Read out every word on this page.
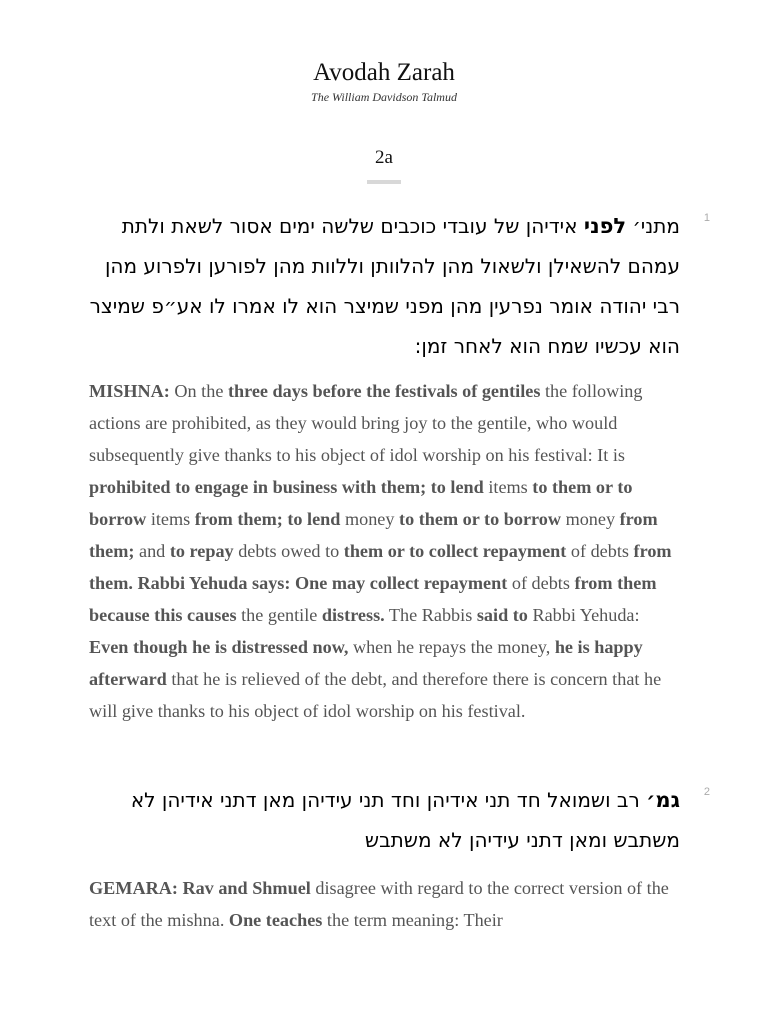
Avodah Zarah
The William Davidson Talmud
2a
1
מתני׳ לפני אידיהן של עובדי כוכבים שלשה ימים אסור לשאת ולתת עמהם להשאילן ולשאול מהן להלוותן וללוות מהן לפורען ולפרוע מהן רבי יהודה אומר נפרעין מהן מפני שמיצר הוא לו אמרו לו אע״פ שמיצר הוא עכשיו שמח הוא לאחר זמן:
MISHNA: On the three days before the festivals of gentiles the following actions are prohibited, as they would bring joy to the gentile, who would subsequently give thanks to his object of idol worship on his festival: It is prohibited to engage in business with them; to lend items to them or to borrow items from them; to lend money to them or to borrow money from them; and to repay debts owed to them or to collect repayment of debts from them. Rabbi Yehuda says: One may collect repayment of debts from them because this causes the gentile distress. The Rabbis said to Rabbi Yehuda: Even though he is distressed now, when he repays the money, he is happy afterward that he is relieved of the debt, and therefore there is concern that he will give thanks to his object of idol worship on his festival.
2
גמ׳ רב ושמואל חד תני אידיהן וחד תני עידיהן מאן דתני אידיהן לא משתבש ומאן דתני עידיהן לא משתבש
GEMARA: Rav and Shmuel disagree with regard to the correct version of the text of the mishna. One teaches the term meaning: Their
